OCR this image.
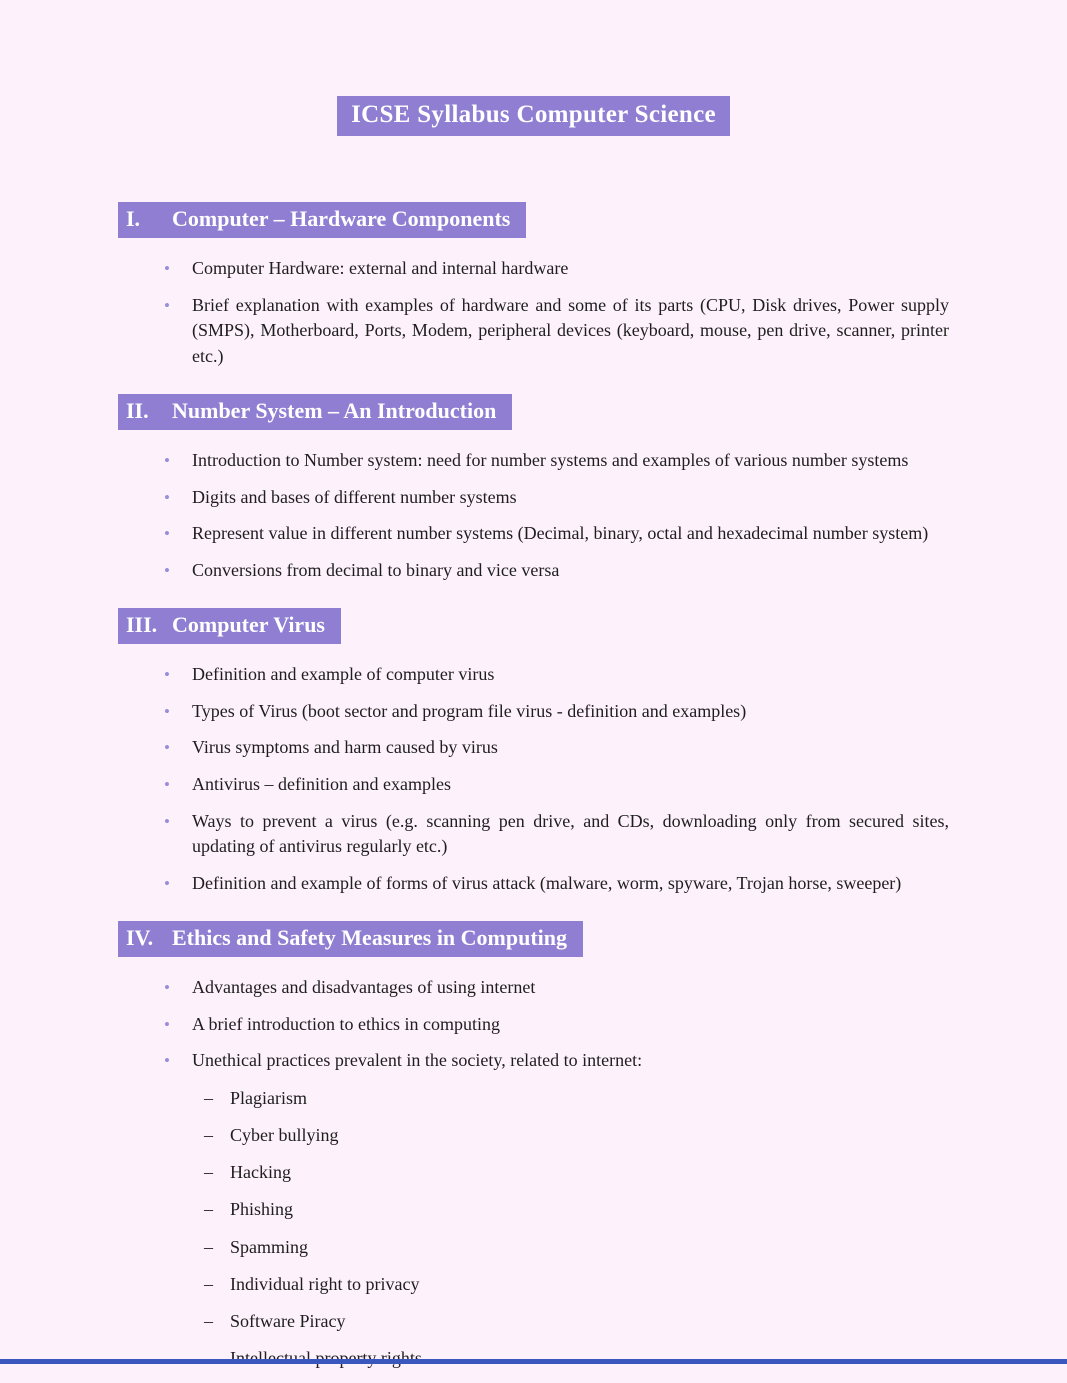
ICSE Syllabus Computer Science
I. Computer – Hardware Components
•	Computer Hardware: external and internal hardware
•	Brief explanation with examples of hardware and some of its parts (CPU, Disk drives, Power supply (SMPS), Motherboard, Ports, Modem, peripheral devices (keyboard, mouse, pen drive, scanner, printer etc.)
II. Number System – An Introduction
•	Introduction to Number system: need for number systems and examples of various number systems
•	Digits and bases of different number systems
•	Represent value in different number systems (Decimal, binary, octal and hexadecimal number system)
•	Conversions from decimal to binary and vice versa
III. Computer Virus
•	Definition and example of computer virus
•	Types of Virus (boot sector and program file virus - definition and examples)
•	Virus symptoms and harm caused by virus
•	Antivirus – definition and examples
•	Ways to prevent a virus (e.g. scanning pen drive, and CDs, downloading only from secured sites, updating of antivirus regularly etc.)
•	Definition and example of forms of virus attack (malware, worm, spyware, Trojan horse, sweeper)
IV. Ethics and Safety Measures in Computing
•	Advantages and disadvantages of using internet
•	A brief introduction to ethics in computing
•	Unethical practices prevalent in the society, related to internet:
– Plagiarism
– Cyber bullying
– Hacking
– Phishing
– Spamming
– Individual right to privacy
– Software Piracy
